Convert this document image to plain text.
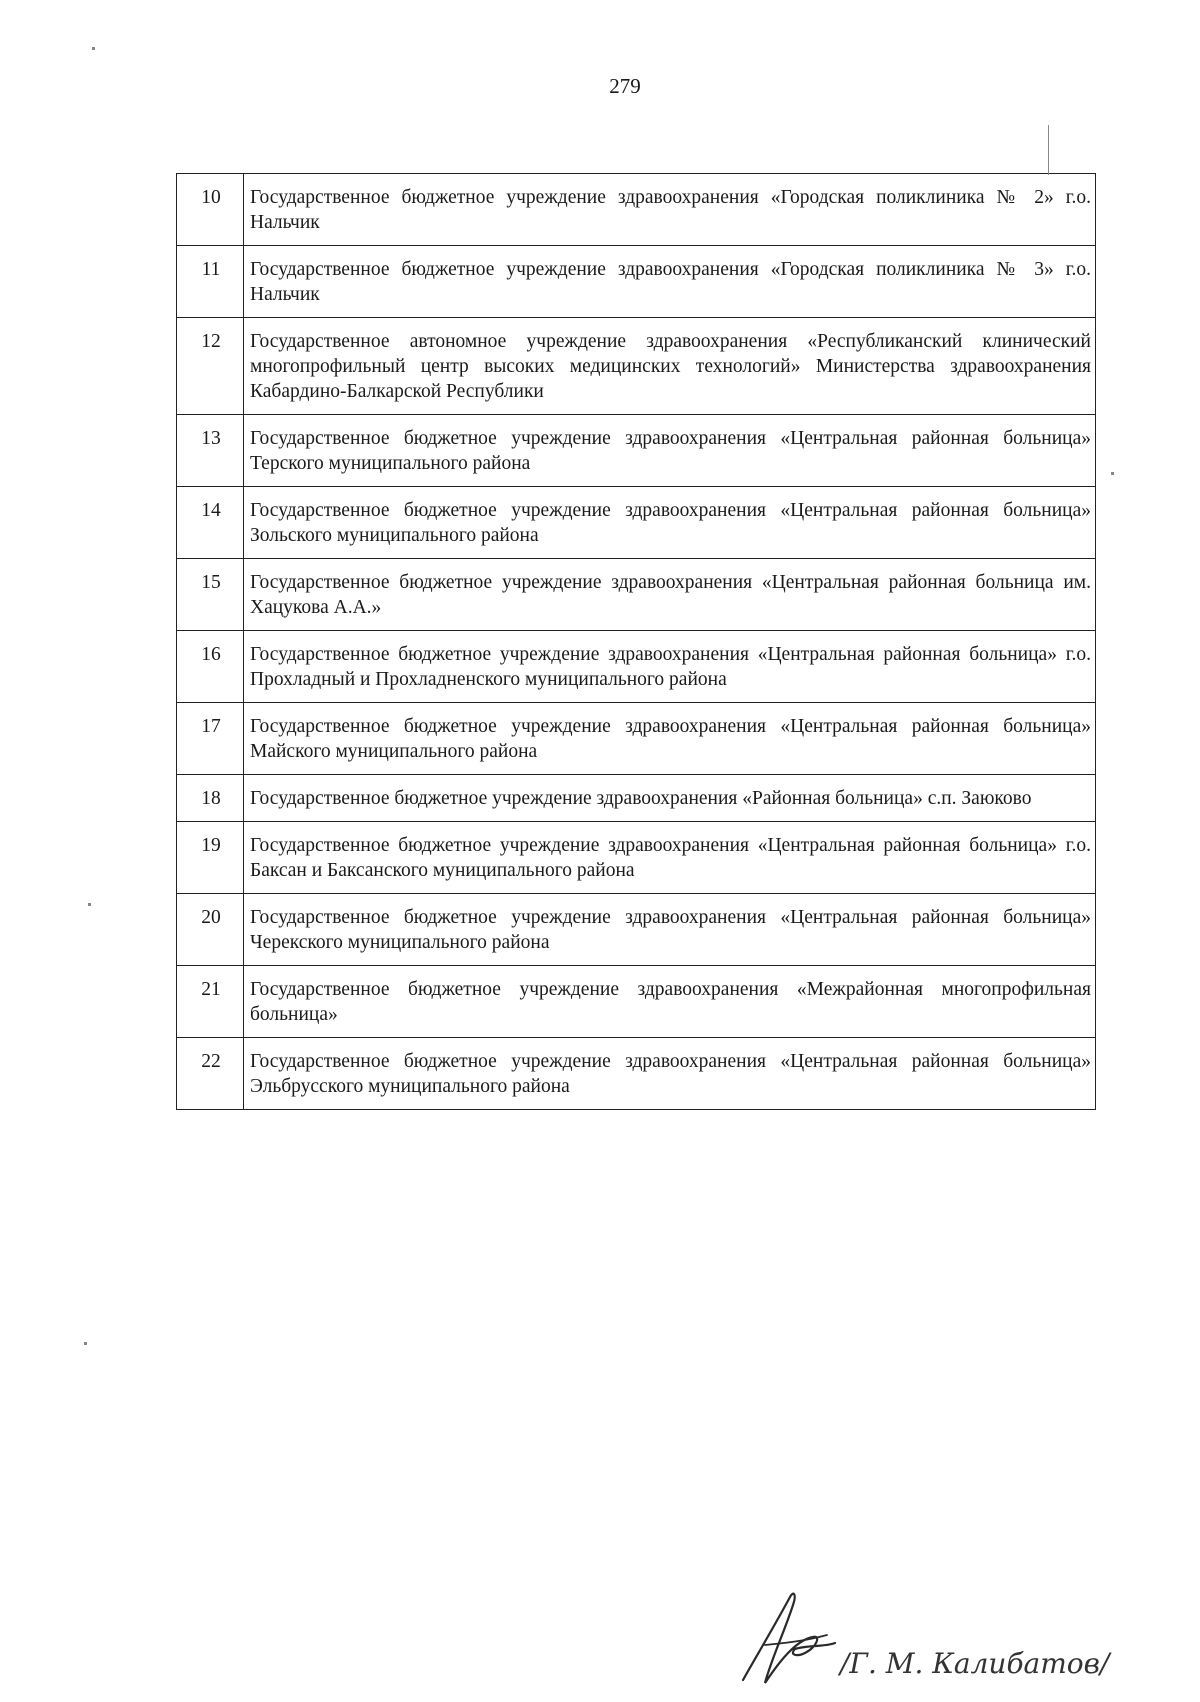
279
10	Государственное бюджетное учреждение здравоохранения «Городская поликлиника № 2» г.о. Нальчик
11	Государственное бюджетное учреждение здравоохранения «Городская поликлиника № 3» г.о. Нальчик
12	Государственное автономное учреждение здравоохранения «Республиканский клинический многопрофильный центр высоких медицинских технологий» Министерства здравоохранения Кабардино-Балкарской Республики
13	Государственное бюджетное учреждение здравоохранения «Центральная районная больница» Терского муниципального района
14	Государственное бюджетное учреждение здравоохранения «Центральная районная больница» Зольского муниципального района
15	Государственное бюджетное учреждение здравоохранения «Центральная районная больница им. Хацукова А.А.»
16	Государственное бюджетное учреждение здравоохранения «Центральная районная больница» г.о. Прохладный и Прохладненского муниципального района
17	Государственное бюджетное учреждение здравоохранения «Центральная районная больница» Майского муниципального района
18	Государственное бюджетное учреждение здравоохранения «Районная больница» с.п. Заюково
19	Государственное бюджетное учреждение здравоохранения «Центральная районная больница» г.о. Баксан и Баксанского муниципального района
20	Государственное бюджетное учреждение здравоохранения «Центральная районная больница» Черекского муниципального района
21	Государственное бюджетное учреждение здравоохранения «Межрайонная многопрофильная больница»
22	Государственное бюджетное учреждение здравоохранения «Центральная районная больница» Эльбрусского муниципального района
/Г. М. Калибатов/
